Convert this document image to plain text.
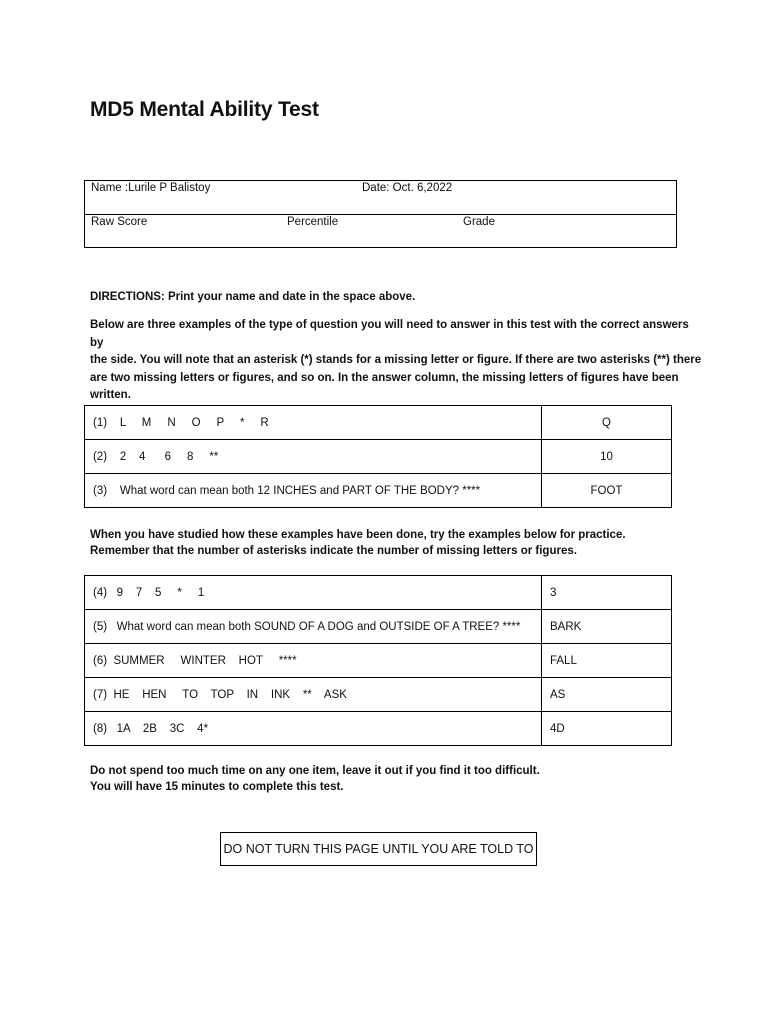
MD5 Mental Ability Test
Name :Lurile P Balistoy	Date: Oct. 6,2022
Raw Score	Percentile	Grade
DIRECTIONS: Print your name and date in the space above.
Below are three examples of the type of question you will need to answer in this test with the correct answers by
the side. You will note that an asterisk (*) stands for a missing letter or figure. If there are two asterisks (**) there
are two missing letters or figures, and so on. In the answer column, the missing letters of figures have been written.
(1)    L     M     N     O     P     *     R	Q
(2)    2    4      6     8     **	10
(3)    What word can mean both 12 INCHES and PART OF THE BODY? ****	FOOT
When you have studied how these examples have been done, try the examples below for practice.
Remember that the number of asterisks indicate the number of missing letters or figures.
(4)   9    7    5     *     1	3
(5)   What word can mean both SOUND OF A DOG and OUTSIDE OF A TREE? ****	BARK
(6)  SUMMER     WINTER    HOT     ****	FALL
(7)  HE    HEN     TO    TOP    IN    INK    **    ASK	AS
(8)   1A    2B    3C    4*	4D
Do not spend too much time on any one item, leave it out if you find it too difficult.
You will have 15 minutes to complete this test.
DO NOT TURN THIS PAGE UNTIL YOU ARE TOLD TO
